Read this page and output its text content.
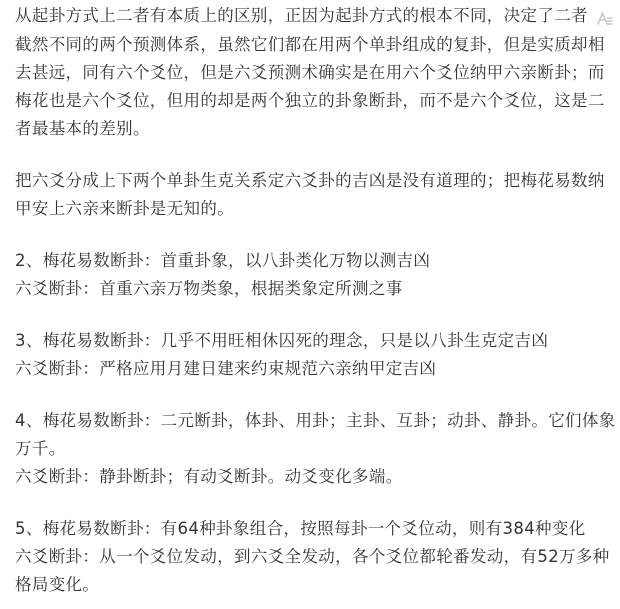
从起卦方式上二者有本质上的区别，正因为起卦方式的根本不同，决定了二者
截然不同的两个预测体系，虽然它们都在用两个单卦组成的复卦，但是实质却相
去甚远，同有六个爻位，但是六爻预测术确实是在用六个爻位纳甲六亲断卦；而
梅花也是六个爻位，但用的却是两个独立的卦象断卦，而不是六个爻位，这是二
者最基本的差别。
把六爻分成上下两个单卦生克关系定六爻卦的吉凶是没有道理的；把梅花易数纳
甲安上六亲来断卦是无知的。
2、梅花易数断卦：首重卦象，以八卦类化万物以测吉凶
六爻断卦：首重六亲万物类象，根据类象定所测之事
3、梅花易数断卦：几乎不用旺相休囚死的理念，只是以八卦生克定吉凶
六爻断卦：严格应用月建日建来约束规范六亲纳甲定吉凶
4、梅花易数断卦：二元断卦，体卦、用卦；主卦、互卦；动卦、静卦。它们体象
万千。
六爻断卦：静卦断卦；有动爻断卦。动爻变化多端。
5、梅花易数断卦：有64种卦象组合，按照每卦一个爻位动，则有384种变化
六爻断卦：从一个爻位发动，到六爻全发动，各个爻位都轮番发动，有52万多种
格局变化。
